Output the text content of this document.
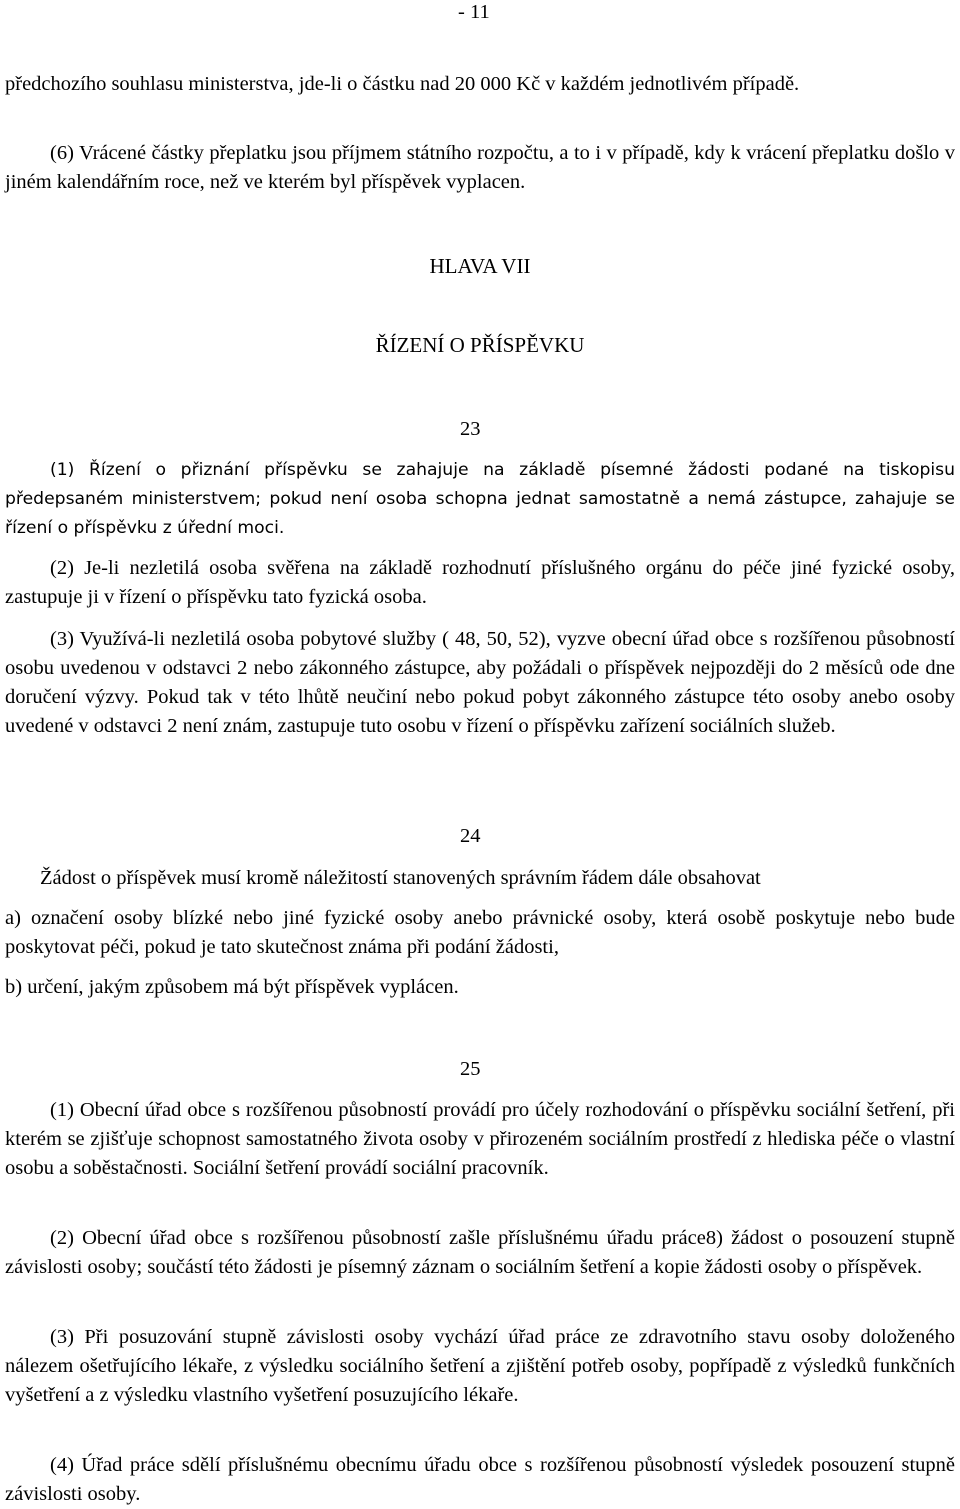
- 11

předchozího souhlasu ministerstva, jde-li o částku nad 20 000 Kč v každém jednotlivém případě.

(6) Vrácené částky přeplatku jsou příjmem státního rozpočtu, a to i v případě, kdy k vrácení přeplatku došlo v jiném kalendářním roce, než ve kterém byl příspěvek vyplacen.

HLAVA VII

ŘÍZENÍ O PŘÍSPĚVKU

23

(1) Řízení o přiznání příspěvku se zahajuje na základě písemné žádosti podané na tiskopisu předepsaném ministerstvem; pokud není osoba schopna jednat samostatně a nemá zástupce, zahajuje se řízení o příspěvku z úřední moci.

(2) Je-li nezletilá osoba svěřena na základě rozhodnutí příslušného orgánu do péče jiné fyzické osoby, zastupuje ji v řízení o příspěvku tato fyzická osoba.

(3) Využívá-li nezletilá osoba pobytové služby ( 48, 50, 52), vyzve obecní úřad obce s rozšířenou působností osobu uvedenou v odstavci 2 nebo zákonného zástupce, aby požádali o příspěvek nejpozději do 2 měsíců ode dne doručení výzvy. Pokud tak v této lhůtě neučiní nebo pokud pobyt zákonného zástupce této osoby anebo osoby uvedené v odstavci 2 není znám, zastupuje tuto osobu v řízení o příspěvku zařízení sociálních služeb.

24

Žádost o příspěvek musí kromě náležitostí stanovených správním řádem dále obsahovat

a) označení osoby blízké nebo jiné fyzické osoby anebo právnické osoby, která osobě poskytuje nebo bude poskytovat péči, pokud je tato skutečnost známa při podání žádosti,

b) určení, jakým způsobem má být příspěvek vyplácen.

25

(1) Obecní úřad obce s rozšířenou působností provádí pro účely rozhodování o příspěvku sociální šetření, při kterém se zjišťuje schopnost samostatného života osoby v přirozeném sociálním prostředí z hlediska péče o vlastní osobu a soběstačnosti. Sociální šetření provádí sociální pracovník.

(2) Obecní úřad obce s rozšířenou působností zašle příslušnému úřadu práce8) žádost o posouzení stupně závislosti osoby; součástí této žádosti je písemný záznam o sociálním šetření a kopie žádosti osoby o příspěvek.

(3) Při posuzování stupně závislosti osoby vychází úřad práce ze zdravotního stavu osoby doloženého nálezem ošetřujícího lékaře, z výsledku sociálního šetření a zjištění potřeb osoby, popřípadě z výsledků funkčních vyšetření a z výsledku vlastního vyšetření posuzujícího lékaře.

(4) Úřad práce sdělí příslušnému obecnímu úřadu obce s rozšířenou působností výsledek posouzení stupně závislosti osoby.
